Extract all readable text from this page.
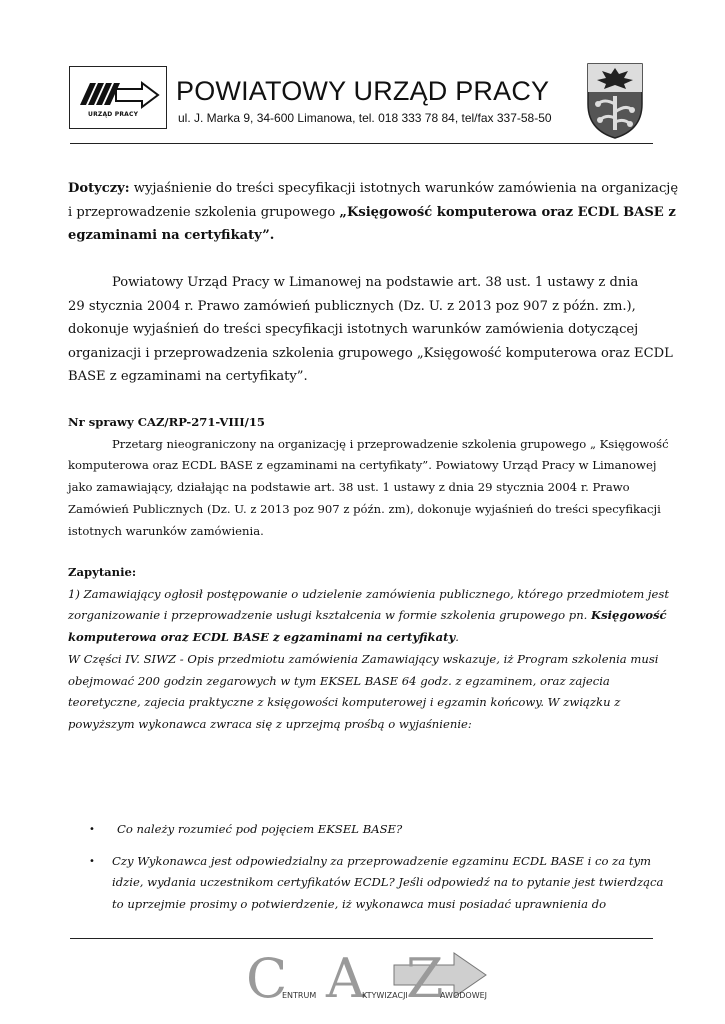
URZĄD PRACY
POWIATOWY URZĄD PRACY
ul. J. Marka 9, 34-600 Limanowa, tel. 018 333 78 84, tel/fax 337-58-50
Dotyczy: wyjaśnienie do treści specyfikacji istotnych warunków zamówienia na organizację
i przeprowadzenie szkolenia grupowego „Księgowość komputerowa oraz ECDL BASE z
egzaminami na certyfikaty”.
Powiatowy Urząd Pracy w Limanowej na podstawie art. 38 ust. 1 ustawy z dnia
29 stycznia 2004 r. Prawo zamówień publicznych (Dz. U. z 2013 poz 907 z późn. zm.),
dokonuje wyjaśnień do treści specyfikacji istotnych warunków zamówienia dotyczącej
organizacji i przeprowadzenia szkolenia grupowego „Księgowość komputerowa oraz ECDL
BASE z egzaminami na certyfikaty”.
Nr sprawy CAZ/RP-271-VIII/15
Przetarg nieograniczony na organizację i przeprowadzenie szkolenia grupowego „ Księgowość
komputerowa oraz ECDL BASE z egzaminami na certyfikaty”. Powiatowy Urząd Pracy w Limanowej
jako zamawiający, działając na podstawie art. 38 ust. 1 ustawy z dnia 29 stycznia 2004 r. Prawo
Zamówień Publicznych (Dz. U. z 2013 poz 907 z późn. zm), dokonuje wyjaśnień do treści specyfikacji
istotnych warunków zamówienia.
Zapytanie:
1) Zamawiający ogłosił postępowanie o udzielenie zamówienia publicznego, którego przedmiotem jest
zorganizowanie i przeprowadzenie usługi kształcenia w formie szkolenia grupowego pn. Księgowość
komputerowa oraz ECDL BASE z egzaminami na certyfikaty.
W Części IV. SIWZ - Opis przedmiotu zamówienia Zamawiający wskazuje, iż Program szkolenia musi
obejmować 200 godzin zegarowych w tym EKSEL BASE 64 godz. z egzaminem, oraz zajecia
teoretyczne, zajecia praktyczne z księgowości komputerowej i egzamin końcowy. W związku z
powyższym wykonawca zwraca się z uprzejmą prośbą o wyjaśnienie:
• Co należy rozumieć pod pojęciem EKSEL BASE?
• Czy Wykonawca jest odpowiedzialny za przeprowadzenie egzaminu ECDL BASE i co za tym
idzie, wydania uczestnikom certyfikatów ECDL? Jeśli odpowiedź na to pytanie jest twierdząca
to uprzejmie prosimy o potwierdzenie, iż wykonawca musi posiadać uprawnienia do
C A Z
ENTRUM	KTYWIZACJI	AWODOWEJ
